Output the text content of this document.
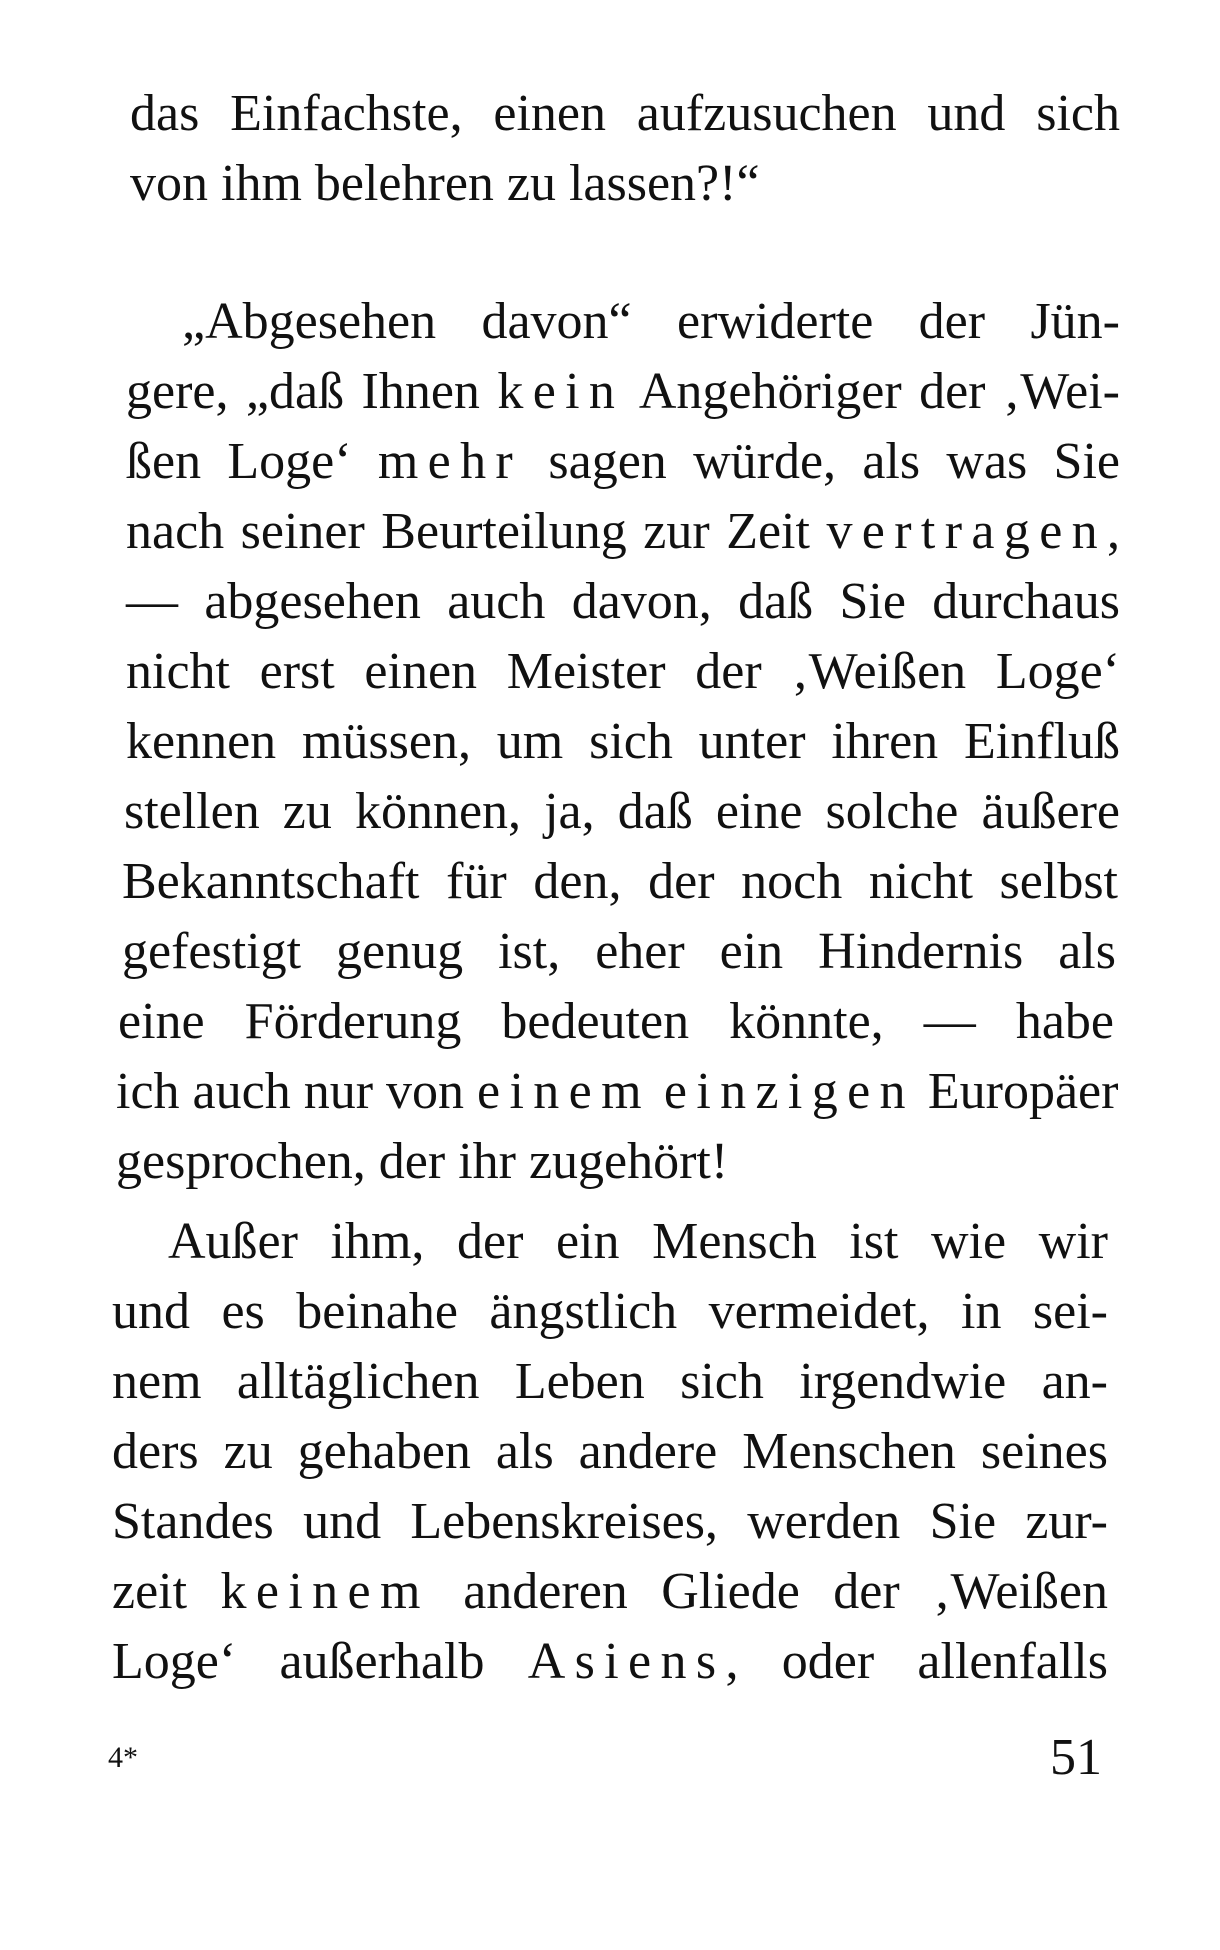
das Einfachste, einen aufzusuchen und sich
von ihm belehren zu lassen?!“
„Abgesehen davon“ erwiderte der Jün-
gere, „daß Ihnen kein Angehöriger der ‚Wei-
ßen Loge‘ mehr sagen würde, als was Sie
nach seiner Beurteilung zur Zeit vertragen,
— abgesehen auch davon, daß Sie durchaus
nicht erst einen Meister der ‚Weißen Loge‘
kennen müssen, um sich unter ihren Einfluß
stellen zu können, ja, daß eine solche äußere
Bekanntschaft für den, der noch nicht selbst
gefestigt genug ist, eher ein Hindernis als
eine Förderung bedeuten könnte, — habe
ich auch nur von einem einzigen Europäer
gesprochen, der ihr zugehört!
Außer ihm, der ein Mensch ist wie wir
und es beinahe ängstlich vermeidet, in sei-
nem alltäglichen Leben sich irgendwie an-
ders zu gehaben als andere Menschen seines
Standes und Lebenskreises, werden Sie zur-
zeit keinem anderen Gliede der ‚Weißen
Loge‘ außerhalb Asiens, oder allenfalls
4*	51
